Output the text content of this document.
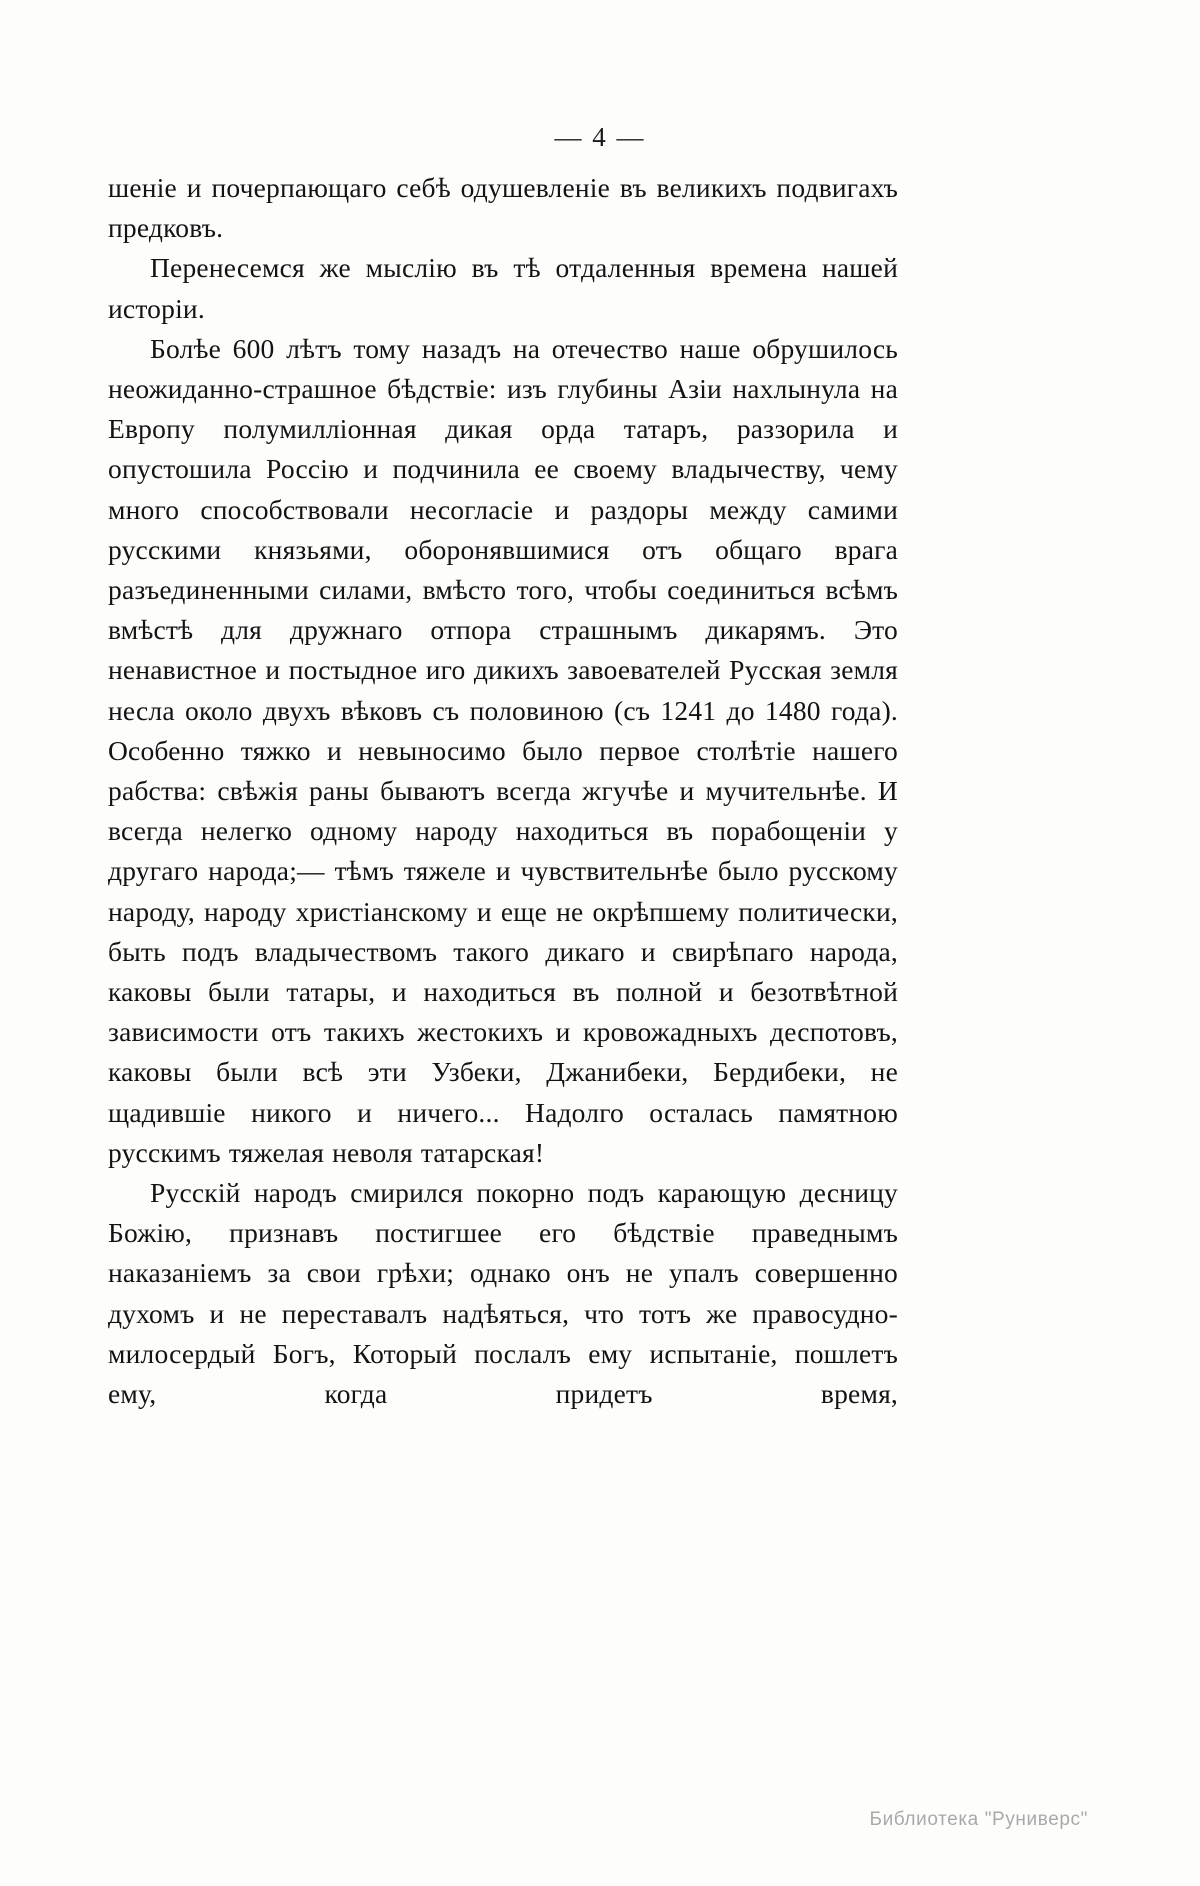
— 4 —

шеніе и почерпающаго себѣ одушевленіе въ великихъ подвигахъ предковъ.

Перенесемся же мыслію въ тѣ отдаленныя времена нашей исторіи.

Болѣе 600 лѣтъ тому назадъ на отечество наше обрушилось неожиданно-страшное бѣдствіе: изъ глубины Азіи нахлынула на Европу полумилліонная дикая орда татаръ, раззорила и опустошила Россію и подчинила ее своему владычеству, чему много способствовали несогласіе и раздоры между самими русскими князьями, оборонявшимися отъ общаго врага разъединенными силами, вмѣсто того, чтобы соединиться всѣмъ вмѣстѣ для дружнаго отпора страшнымъ дикарямъ. Это ненавистное и постыдное иго дикихъ завоевателей Русская земля несла около двухъ вѣковъ съ половиною (съ 1241 до 1480 года). Особенно тяжко и невыносимо было первое столѣтіе нашего рабства: свѣжія раны бываютъ всегда жгучѣе и мучительнѣе. И всегда нелегко одному народу находиться въ порабощеніи у другаго народа;— тѣмъ тяжеле и чувствительнѣе было русскому народу, народу христіанскому и еще не окрѣпшему политически, быть подъ владычествомъ такого дикаго и свирѣпаго народа, каковы были татары, и находиться въ полной и безотвѣтной зависимости отъ такихъ жестокихъ и кровожадныхъ деспотовъ, каковы были всѣ эти Узбеки, Джанибеки, Бердибеки, не щадившіе никого и ничего... Надолго осталась памятною русскимъ тяжелая неволя татарская!

Русскій народъ смирился покорно подъ карающую десницу Божію, признавъ постигшее его бѣдствіе праведнымъ наказаніемъ за свои грѣхи; однако онъ не упалъ совершенно духомъ и не переставалъ надѣяться, что тотъ же правосудно-милосердый Богъ, Который послалъ ему испытаніе, пошлетъ ему, когда придетъ время,

Библиотека "Руниверс"
